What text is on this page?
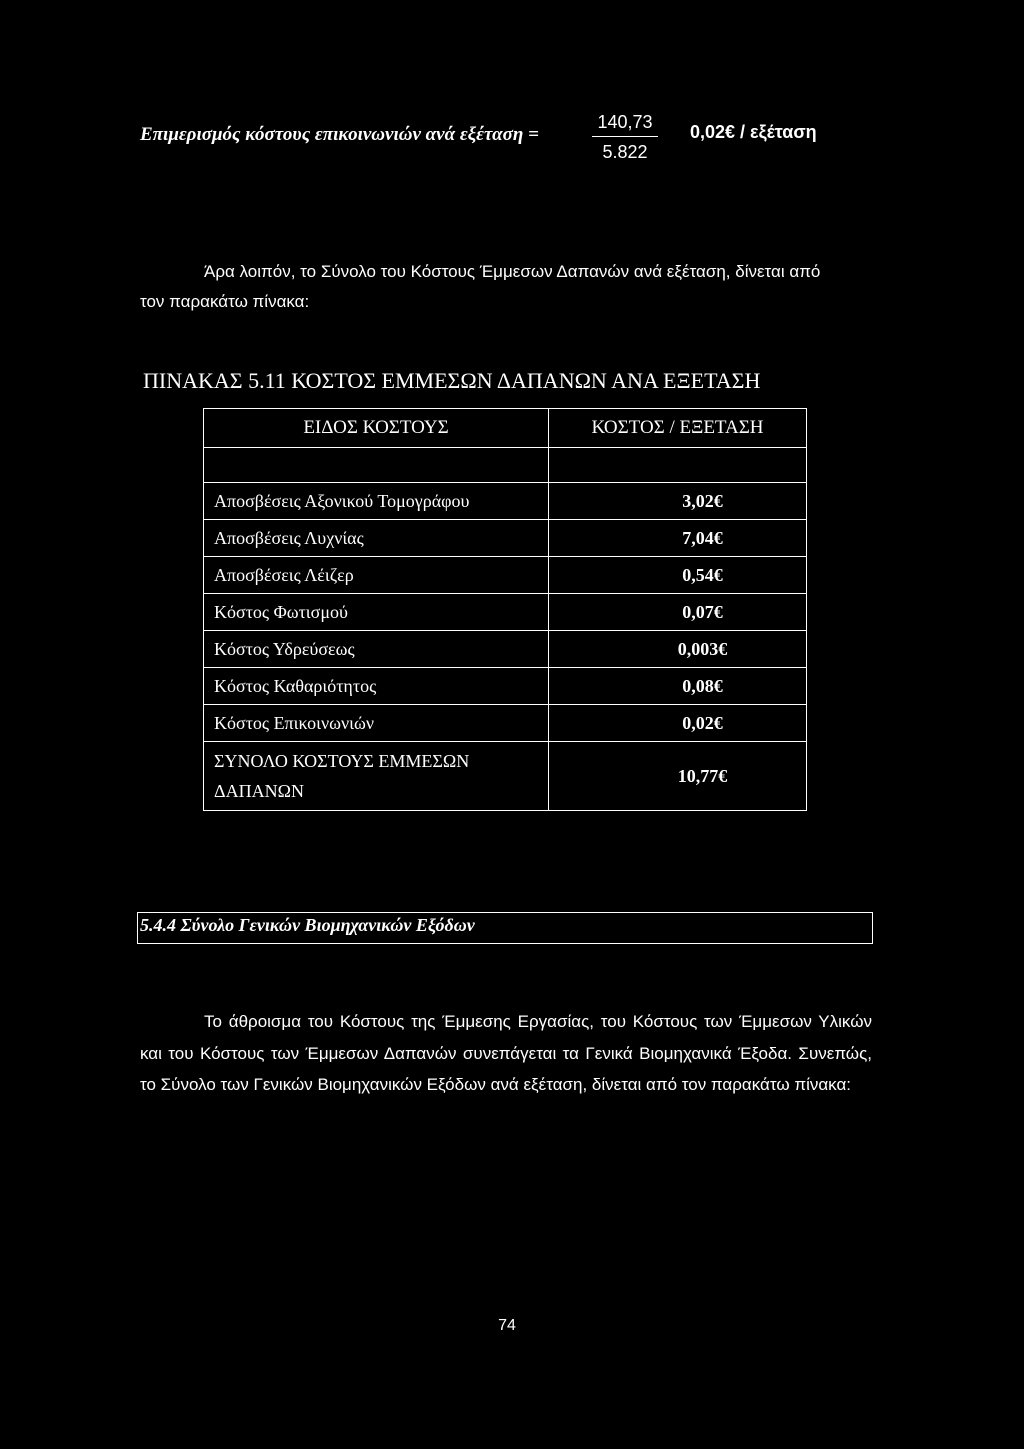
Επιμερισμός κόστους επικοινωνιών ανά εξέταση =
140,73
5.822
0,02€ / εξέταση
Άρα λοιπόν, το Σύνολο του Κόστους Έμμεσων Δαπανών ανά εξέταση, δίνεται από
τον παρακάτω πίνακα:
ΠΙΝΑΚΑΣ 5.11 ΚΟΣΤΟΣ ΕΜΜΕΣΩΝ ΔΑΠΑΝΩΝ ΑΝΑ ΕΞΕΤΑΣΗ
ΕΙΔΟΣ ΚΟΣΤΟΥΣ	ΚΟΣΤΟΣ / ΕΞΕΤΑΣΗ

Αποσβέσεις Αξονικού Τομογράφου	3,02€
Αποσβέσεις Λυχνίας	7,04€
Αποσβέσεις Λέιζερ	0,54€
Κόστος Φωτισμού	0,07€
Κόστος Υδρεύσεως	0,003€
Κόστος Καθαριότητος	0,08€
Κόστος Επικοινωνιών	0,02€
ΣΥΝΟΛΟ ΚΟΣΤΟΥΣ ΕΜΜΕΣΩΝ
ΔΑΠΑΝΩΝ	10,77€
5.4.4 Σύνολο Γενικών Βιομηχανικών Εξόδων
Το άθροισμα του Κόστους της Έμμεσης Εργασίας, του Κόστους των Έμμεσων Υλικών και του Κόστους των Έμμεσων Δαπανών συνεπάγεται τα Γενικά Βιομηχανικά Έξοδα. Συνεπώς, το Σύνολο των Γενικών Βιομηχανικών Εξόδων ανά εξέταση, δίνεται από τον παρακάτω πίνακα:
74
